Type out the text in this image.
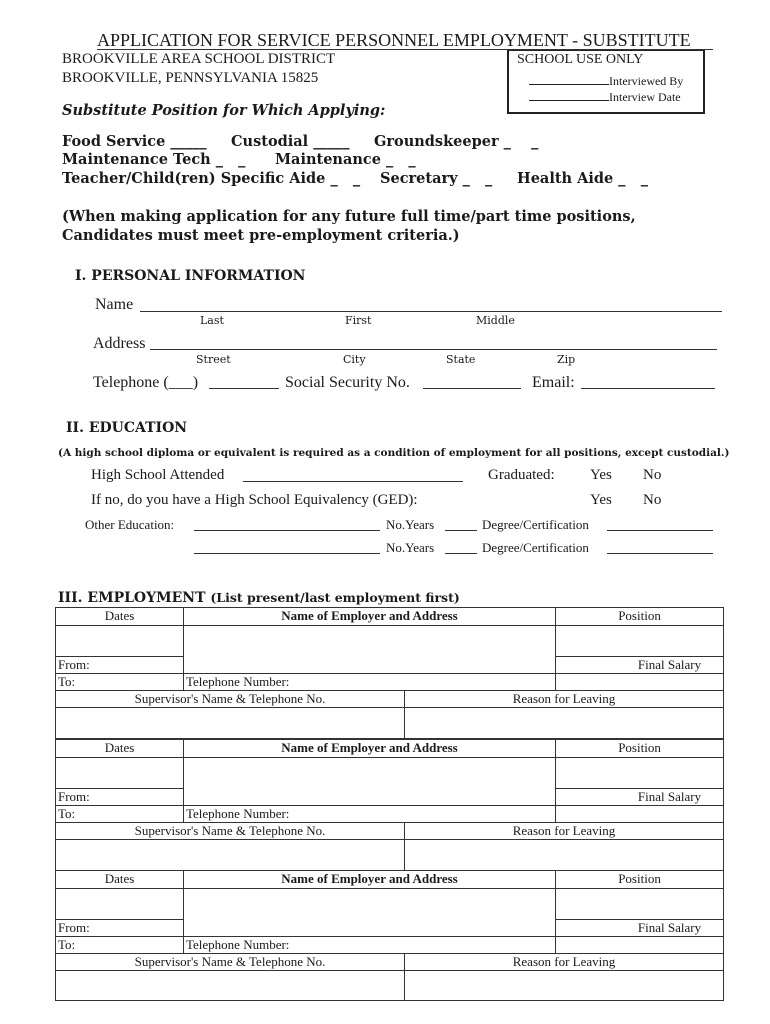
APPLICATION FOR SERVICE PERSONNEL EMPLOYMENT - SUBSTITUTE
BROOKVILLE AREA SCHOOL DISTRICT
BROOKVILLE, PENNSYLVANIA 15825
SCHOOL USE ONLY
Interviewed By
Interview Date
Substitute Position for Which Applying:
Food Service _____ Custodial _____ Groundskeeper _    _
Maintenance Tech _   _ Maintenance _   _
Teacher/Child(ren) Specific Aide _   _ Secretary _   _ Health Aide _   _
(When making application for any future full time/part time positions, Candidates must meet pre-employment criteria.)
I. PERSONAL INFORMATION
Name
Last	First	Middle
Address
Street	City	State	Zip
Telephone (___)	Social Security No.	Email:
II. EDUCATION
(A high school diploma or equivalent is required as a condition of employment for all positions, except custodial.)
High School Attended	Graduated: Yes No
If no, do you have a High School Equivalency (GED):	Yes No
Other Education:	No.Years	Degree/Certification
No.Years	Degree/Certification
III. EMPLOYMENT (List present/last employment first)
Dates	Name of Employer and Address		Position

From:			Final Salary
To:	Telephone Number:		
Supervisor's Name & Telephone No.		Reason for Leaving	

Dates	Name of Employer and Address		Position

From:			Final Salary
To:	Telephone Number:		
Supervisor's Name & Telephone No.		Reason for Leaving	

Dates	Name of Employer and Address		Position

From:			Final Salary
To:	Telephone Number:		
Supervisor's Name & Telephone No.		Reason for Leaving	
